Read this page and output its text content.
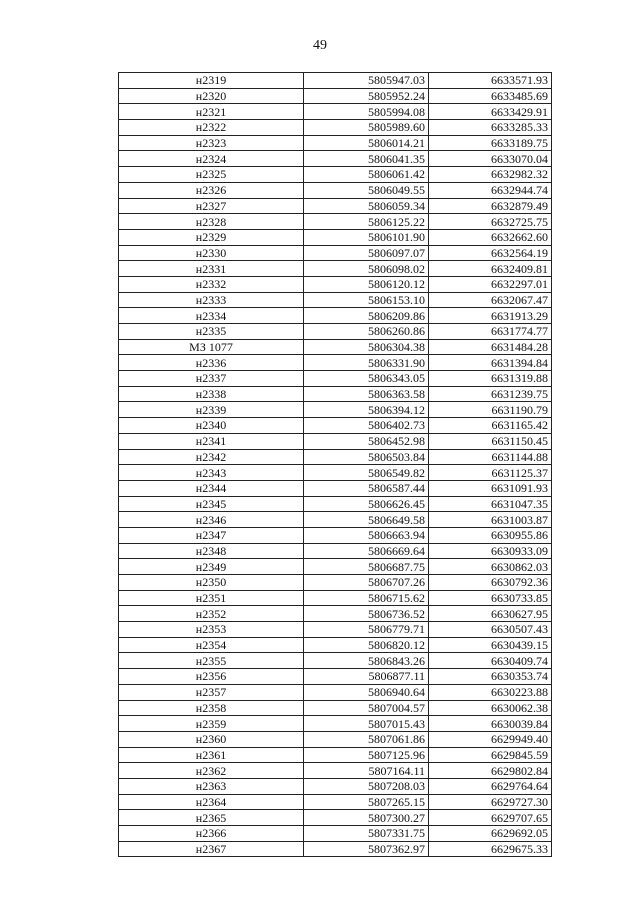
49
н2319	5805947.03	6633571.93
н2320	5805952.24	6633485.69
н2321	5805994.08	6633429.91
н2322	5805989.60	6633285.33
н2323	5806014.21	6633189.75
н2324	5806041.35	6633070.04
н2325	5806061.42	6632982.32
н2326	5806049.55	6632944.74
н2327	5806059.34	6632879.49
н2328	5806125.22	6632725.75
н2329	5806101.90	6632662.60
н2330	5806097.07	6632564.19
н2331	5806098.02	6632409.81
н2332	5806120.12	6632297.01
н2333	5806153.10	6632067.47
н2334	5806209.86	6631913.29
н2335	5806260.86	6631774.77
МЗ 1077	5806304.38	6631484.28
н2336	5806331.90	6631394.84
н2337	5806343.05	6631319.88
н2338	5806363.58	6631239.75
н2339	5806394.12	6631190.79
н2340	5806402.73	6631165.42
н2341	5806452.98	6631150.45
н2342	5806503.84	6631144.88
н2343	5806549.82	6631125.37
н2344	5806587.44	6631091.93
н2345	5806626.45	6631047.35
н2346	5806649.58	6631003.87
н2347	5806663.94	6630955.86
н2348	5806669.64	6630933.09
н2349	5806687.75	6630862.03
н2350	5806707.26	6630792.36
н2351	5806715.62	6630733.85
н2352	5806736.52	6630627.95
н2353	5806779.71	6630507.43
н2354	5806820.12	6630439.15
н2355	5806843.26	6630409.74
н2356	5806877.11	6630353.74
н2357	5806940.64	6630223.88
н2358	5807004.57	6630062.38
н2359	5807015.43	6630039.84
н2360	5807061.86	6629949.40
н2361	5807125.96	6629845.59
н2362	5807164.11	6629802.84
н2363	5807208.03	6629764.64
н2364	5807265.15	6629727.30
н2365	5807300.27	6629707.65
н2366	5807331.75	6629692.05
н2367	5807362.97	6629675.33
